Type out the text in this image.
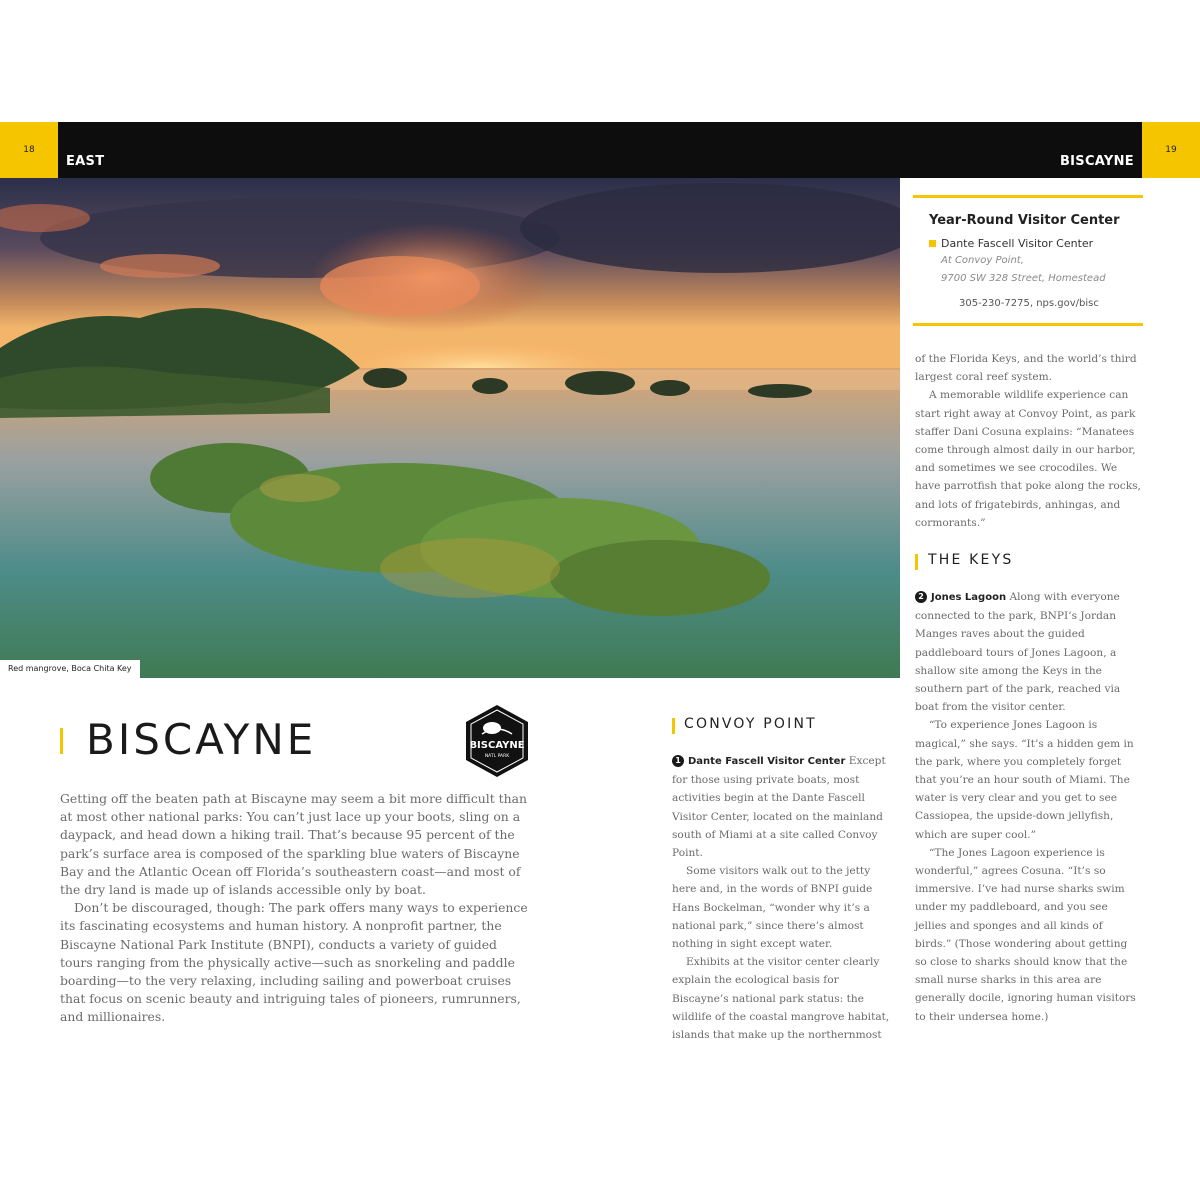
18
EAST	BISCAYNE
19
Red mangrove, Boca Chita Key
Year-Round Visitor Center
Dante Fascell Visitor Center
At Convoy Point,
9700 SW 328 Street, Homestead
305-230-7275, nps.gov/bisc
BISCAYNE	BISCAYNE
NATL PARK

Getting off the beaten path at Biscayne may seem a bit more difficult than at most other national parks: You can’t just lace up your boots, sling on a daypack, and head down a hiking trail. That’s because 95 percent of the park’s surface area is composed of the sparkling blue waters of Biscayne Bay and the Atlantic Ocean off Florida’s southeastern coast—and most of the dry land is made up of islands accessible only by boat.

Don’t be discouraged, though: The park offers many ways to experience its fascinating ecosystems and human history. A nonprofit partner, the Biscayne National Park Institute (BNPI), conducts a variety of guided tours ranging from the physically active—such as snorkeling and paddle boarding—to the very relaxing, including sailing and powerboat cruises that focus on scenic beauty and intriguing tales of pioneers, rumrunners, and millionaires.

CONVOY POINT

1 Dante Fascell Visitor Center Except for those using private boats, most activities begin at the Dante Fascell Visitor Center, located on the mainland south of Miami at a site called Convoy Point.

Some visitors walk out to the jetty here and, in the words of BNPI guide Hans Bockelman, “wonder why it’s a national park,” since there’s almost nothing in sight except water.

Exhibits at the visitor center clearly explain the ecological basis for Biscayne’s national park status: the wildlife of the coastal mangrove habitat, islands that make up the northernmost

of the Florida Keys, and the world’s third largest coral reef system.

A memorable wildlife experience can start right away at Convoy Point, as park staffer Dani Cosuna explains: “Manatees come through almost daily in our harbor, and sometimes we see crocodiles. We have parrotfish that poke along the rocks, and lots of frigatebirds, anhingas, and cormorants.”

THE KEYS

2 Jones Lagoon Along with everyone connected to the park, BNPI’s Jordan Manges raves about the guided paddleboard tours of Jones Lagoon, a shallow site among the Keys in the southern part of the park, reached via boat from the visitor center.

“To experience Jones Lagoon is magical,” she says. “It’s a hidden gem in the park, where you completely forget that you’re an hour south of Miami. The water is very clear and you get to see Cassiopea, the upside-down jellyfish, which are super cool.”

“The Jones Lagoon experience is wonderful,” agrees Cosuna. “It’s so immersive. I’ve had nurse sharks swim under my paddleboard, and you see jellies and sponges and all kinds of birds.” (Those wondering about getting so close to sharks should know that the small nurse sharks in this area are generally docile, ignoring human visitors to their undersea home.)
